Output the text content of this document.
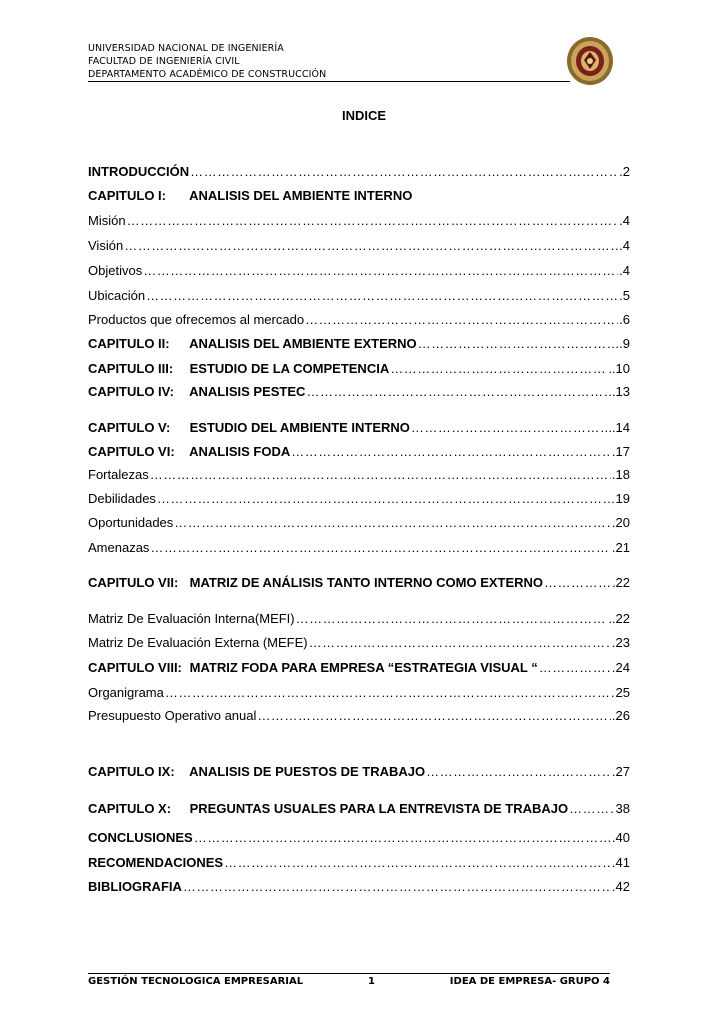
UNIVERSIDAD NACIONAL DE INGENIERÍA
FACULTAD DE INGENIERÍA CIVIL
DEPARTAMENTO ACADÉMICO DE CONSTRUCCIÓN
INDICE
INTRODUCCIÓN ……………………………………………………………………………………………………………………………………………………	.2
CAPITULO I: ANALISIS DEL AMBIENTE INTERNO
Misión ……………………………………………………………………………………………………………………………………………………	.4
Visión ……………………………………………………………………………………………………………………………………………………	4
Objetivos ……………………………………………………………………………………………………………………………………………………	.4
Ubicación ……………………………………………………………………………………………………………………………………………………	.5
Productos que ofrecemos al mercado ……………………………………………………………………………………………………………………………………………………	.6
CAPITULO II: ANALISIS DEL AMBIENTE EXTERNO ……………………………………………………………………………………………………………………………………………………	.9
CAPITULO III: ESTUDIO DE LA COMPETENCIA ……………………………………………………………………………………………………………………………………………………	..10
CAPITULO IV: ANALISIS PESTEC ……………………………………………………………………………………………………………………………………………………	.13
CAPITULO V: ESTUDIO DEL AMBIENTE INTERNO ……………………………………………………………………………………………………………………………………………………	..14
CAPITULO VI: ANALISIS FODA ……………………………………………………………………………………………………………………………………………………	.17
Fortalezas ……………………………………………………………………………………………………………………………………………………	.18
Debilidades ……………………………………………………………………………………………………………………………………………………	19
Oportunidades ……………………………………………………………………………………………………………………………………………………	.20
Amenazas ……………………………………………………………………………………………………………………………………………………	.21
CAPITULO VII: MATRIZ DE ANÁLISIS TANTO INTERNO COMO EXTERNO ……………………………………………………………………………………………………………………………………………………	22
Matriz De Evaluación Interna(MEFI) ……………………………………………………………………………………………………………………………………………………	..22
Matriz De Evaluación Externa (MEFE) ……………………………………………………………………………………………………………………………………………………	.23
CAPITULO VIII: MATRIZ FODA PARA EMPRESA “ESTRATEGIA VISUAL “ ……………………………………………………………………………………………………………………………………………………	.24
Organigrama ……………………………………………………………………………………………………………………………………………………	25
Presupuesto Operativo anual ……………………………………………………………………………………………………………………………………………………	.26
CAPITULO IX: ANALISIS DE PUESTOS DE TRABAJO ……………………………………………………………………………………………………………………………………………………	.27
CAPITULO X: PREGUNTAS USUALES PARA LA ENTREVISTA DE TRABAJO ……………………………………………………………………………………………………………………………………………………	38
CONCLUSIONES ……………………………………………………………………………………………………………………………………………………	.40
RECOMENDACIONES ……………………………………………………………………………………………………………………………………………………	.41
BIBLIOGRAFIA ……………………………………………………………………………………………………………………………………………………	.42
GESTIÓN TECNOLOGICA EMPRESARIAL	1	IDEA DE EMPRESA- GRUPO 4
